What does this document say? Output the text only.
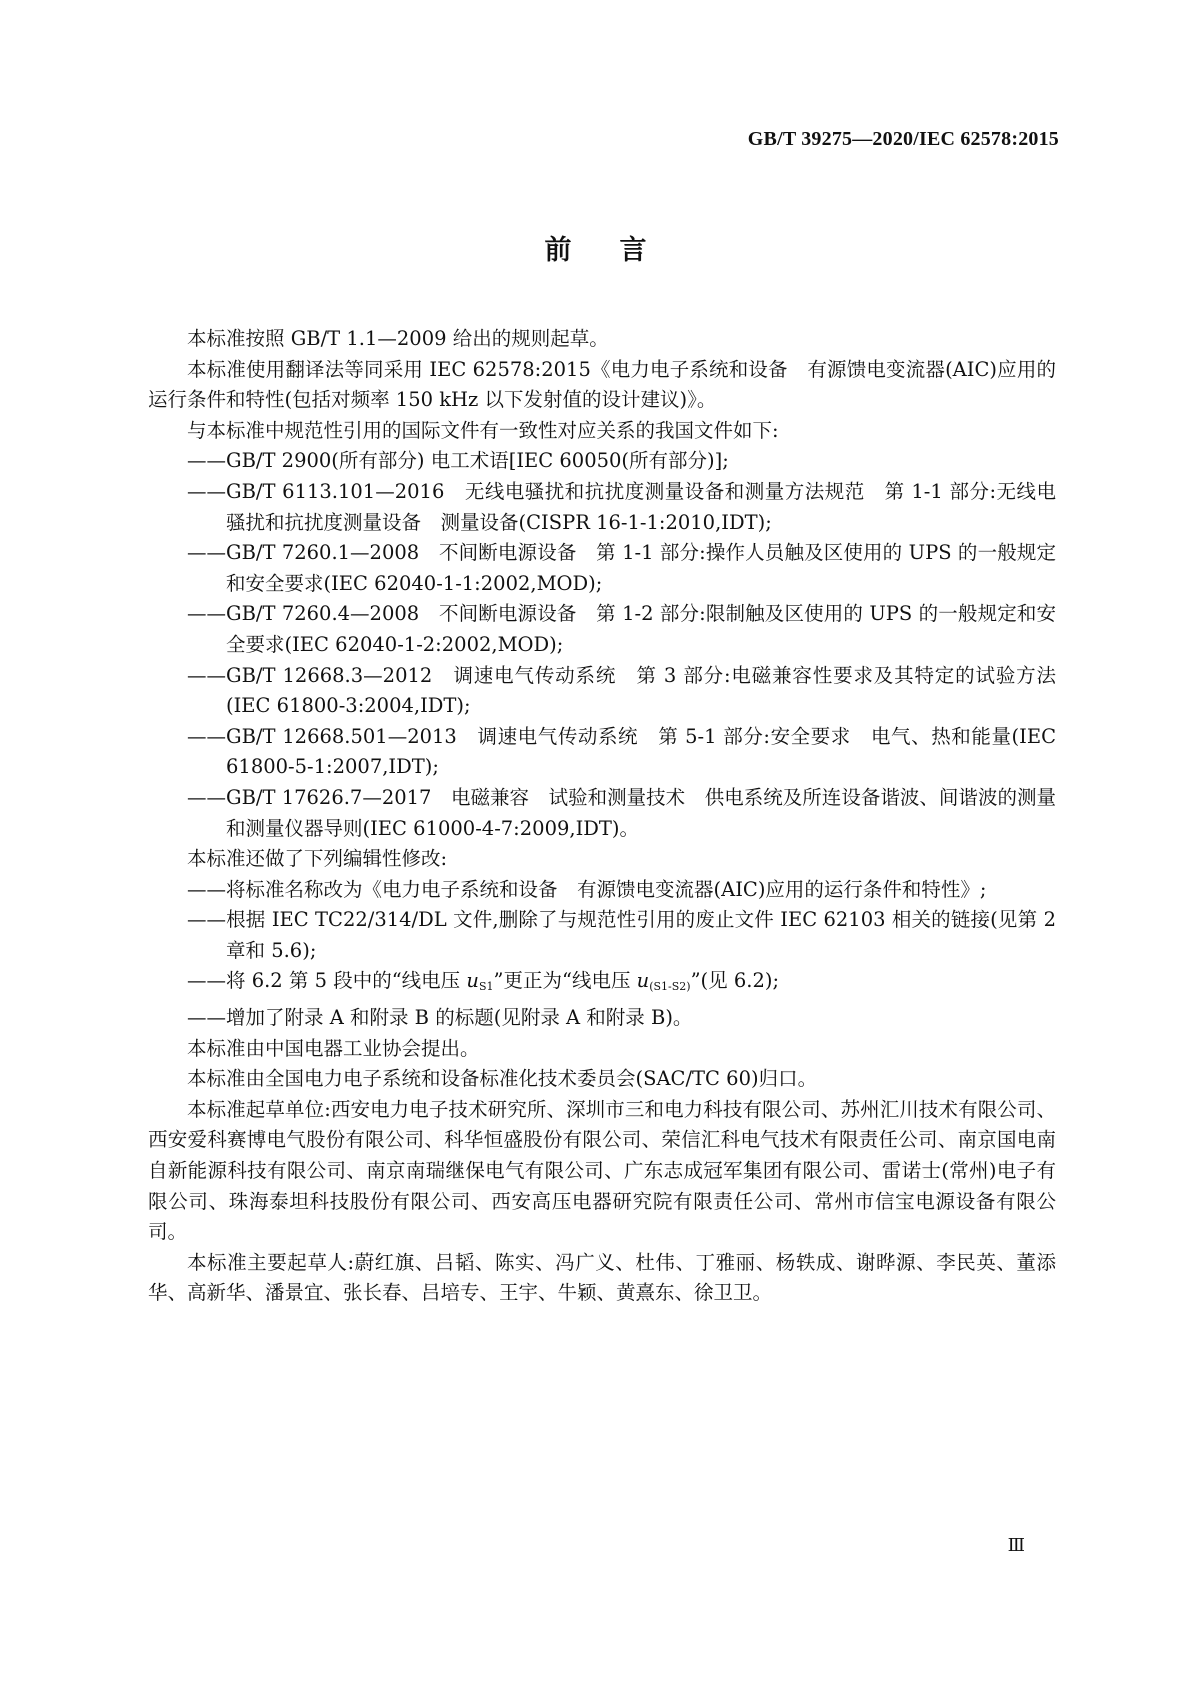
GB/T 39275—2020/IEC 62578:2015
前言

本标准按照 GB/T 1.1—2009 给出的规则起草。

本标准使用翻译法等同采用 IEC 62578:2015《电力电子系统和设备　有源馈电变流器(AIC)应用的运行条件和特性(包括对频率 150 kHz 以下发射值的设计建议)》。

与本标准中规范性引用的国际文件有一致性对应关系的我国文件如下:

——GB/T 2900(所有部分) 电工术语[IEC 60050(所有部分)];

——GB/T 6113.101—2016　无线电骚扰和抗扰度测量设备和测量方法规范　第 1-1 部分:无线电骚扰和抗扰度测量设备　测量设备(CISPR 16-1-1:2010,IDT);

——GB/T 7260.1—2008　不间断电源设备　第 1-1 部分:操作人员触及区使用的 UPS 的一般规定和安全要求(IEC 62040-1-1:2002,MOD);

——GB/T 7260.4—2008　不间断电源设备　第 1-2 部分:限制触及区使用的 UPS 的一般规定和安全要求(IEC 62040-1-2:2002,MOD);

——GB/T 12668.3—2012　调速电气传动系统　第 3 部分:电磁兼容性要求及其特定的试验方法(IEC 61800-3:2004,IDT);

——GB/T 12668.501—2013　调速电气传动系统　第 5-1 部分:安全要求　电气、热和能量(IEC 61800-5-1:2007,IDT);

——GB/T 17626.7—2017　电磁兼容　试验和测量技术　供电系统及所连设备谐波、间谐波的测量和测量仪器导则(IEC 61000-4-7:2009,IDT)。

本标准还做了下列编辑性修改:

——将标准名称改为《电力电子系统和设备　有源馈电变流器(AIC)应用的运行条件和特性》;

——根据 IEC TC22/314/DL 文件,删除了与规范性引用的废止文件 IEC 62103 相关的链接(见第 2 章和 5.6);

——将 6.2 第 5 段中的“线电压 $u_{S1}$”更正为“线电压 $u_{(S1-S2)}$”(见 6.2);

——增加了附录 A 和附录 B 的标题(见附录 A 和附录 B)。

本标准由中国电器工业协会提出。

本标准由全国电力电子系统和设备标准化技术委员会(SAC/TC 60)归口。

本标准起草单位:西安电力电子技术研究所、深圳市三和电力科技有限公司、苏州汇川技术有限公司、西安爱科赛博电气股份有限公司、科华恒盛股份有限公司、荣信汇科电气技术有限责任公司、南京国电南自新能源科技有限公司、南京南瑞继保电气有限公司、广东志成冠军集团有限公司、雷诺士(常州)电子有限公司、珠海泰坦科技股份有限公司、西安高压电器研究院有限责任公司、常州市信宝电源设备有限公司。

本标准主要起草人:蔚红旗、吕韬、陈实、冯广义、杜伟、丁雅丽、杨轶成、谢晔源、李民英、董添华、高新华、潘景宜、张长春、吕培专、王宇、牛颖、黄熹东、徐卫卫。

Ⅲ
